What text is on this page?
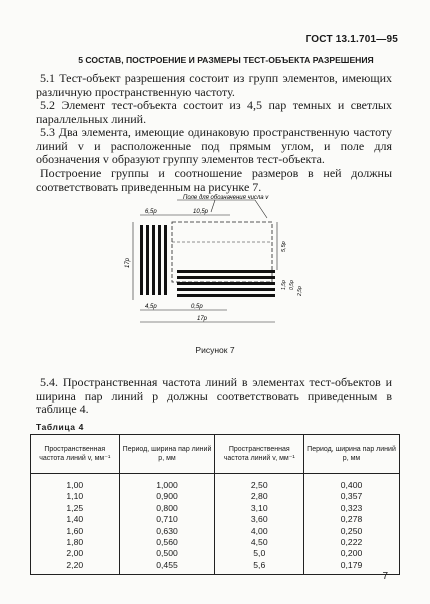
ГОСТ 13.1.701—95
5 СОСТАВ, ПОСТРОЕНИЕ И РАЗМЕРЫ ТЕСТ-ОБЪЕКТА РАЗРЕШЕНИЯ
5.1 Тест-объект разрешения состоит из групп элементов, имеющих различную пространственную частоту.
5.2 Элемент тест-объекта состоит из 4,5 пар темных и светлых параллельных линий.
5.3 Два элемента, имеющие одинаковую пространственную частоту линий v и расположенные под прямым углом, и поле для обозначения v образуют группу элементов тест-объекта.
Построение группы и соотношение размеров в ней должны соответствовать приведенным на рисунке 7.
Поле для обозначения числа v
6,5p	10,5p
17p
5,5p
1,5p 0,5p
2,5p
4,5p	0,5p
17p
Рисунок 7
5.4. Пространственная частота линий в элементах тест-объектов и ширина пар линий p должны соответствовать приведенным в таблице 4.
Таблица 4
Пространственная частота линий v, мм⁻¹	Период, ширина пар линий p, мм	Пространственная частота линий v, мм⁻¹	Период, ширина пар линий p, мм
1,00	1,000	2,50	0,400
1,10	0,900	2,80	0,357
1,25	0,800	3,10	0,323
1,40	0,710	3,60	0,278
1,60	0,630	4,00	0,250
1,80	0,560	4,50	0,222
2,00	0,500	5,0	0,200
2,20	0,455	5,6	0,179
7
